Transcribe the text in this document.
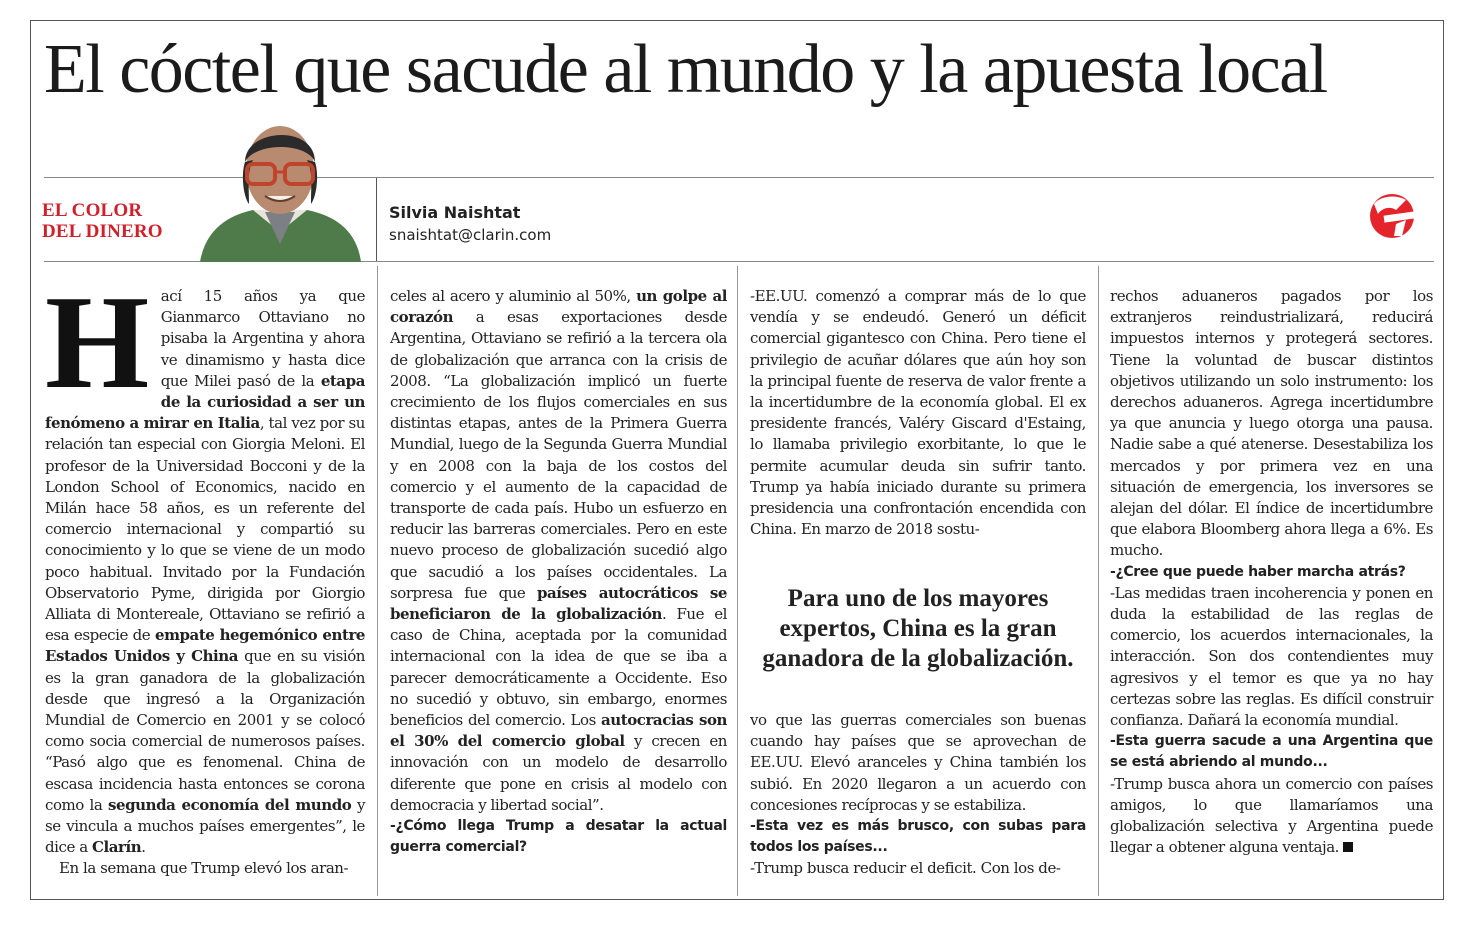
El cóctel que sacude al mundo y la apuesta local
EL COLOR
DEL DINERO
Silvia Naishtat
snaishtat@clarin.com

Hací 15 años ya que Gianmarco Ottaviano no pisaba la Argentina y ahora ve dinamismo y hasta dice que Milei pasó de la etapa de la curiosidad a ser un fenómeno a mirar en Italia, tal vez por su relación tan especial con Giorgia Meloni. El profesor de la Universidad Bocconi y de la London School of Economics, nacido en Milán hace 58 años, es un referente del comercio internacional y compartió su conocimiento y lo que se viene de un modo poco habitual. Invitado por la Fundación Observatorio Pyme, dirigida por Giorgio Alliata di Montereale, Ottaviano se refirió a esa especie de empate hegemónico entre Estados Unidos y China que en su visión es la gran ganadora de la globalización desde que ingresó a la Organización Mundial de Comercio en 2001 y se colocó como socia comercial de numerosos países. “Pasó algo que es fenomenal. China de escasa incidencia hasta entonces se corona como la segunda economía del mundo y se vincula a muchos países emergentes”, le dice a Clarín.

En la semana que Trump elevó los aran-

celes al acero y aluminio al 50%, un golpe al corazón a esas exportaciones desde Argentina, Ottaviano se refirió a la tercera ola de globalización que arranca con la crisis de 2008. “La globalización implicó un fuerte crecimiento de los flujos comerciales en sus distintas etapas, antes de la Primera Guerra Mundial, luego de la Segunda Guerra Mundial y en 2008 con la baja de los costos del comercio y el aumento de la capacidad de transporte de cada país. Hubo un esfuerzo en reducir las barreras comerciales. Pero en este nuevo proceso de globalización sucedió algo que sacudió a los países occidentales. La sorpresa fue que países autocráticos se beneficiaron de la globalización. Fue el caso de China, aceptada por la comunidad internacional con la idea de que se iba a parecer democráticamente a Occidente. Eso no sucedió y obtuvo, sin embargo, enormes beneficios del comercio. Los autocracias son el 30% del comercio global y crecen en innovación con un modelo de desarrollo diferente que pone en crisis al modelo con democracia y libertad social”.

-¿Cómo llega Trump a desatar la actual guerra comercial?

-EE.UU. comenzó a comprar más de lo que vendía y se endeudó. Generó un déficit comercial gigantesco con China. Pero tiene el privilegio de acuñar dólares que aún hoy son la principal fuente de reserva de valor frente a la incertidumbre de la economía global. El ex presidente francés, Valéry Giscard d'Estaing, lo llamaba privilegio exorbitante, lo que le permite acumular deuda sin sufrir tanto. Trump ya había iniciado durante su primera presidencia una confrontación encendida con China. En marzo de 2018 sostu-

Para uno de los mayores expertos, China es la gran ganadora de la globalización.

vo que las guerras comerciales son buenas cuando hay países que se aprovechan de EE.UU. Elevó aranceles y China también los subió. En 2020 llegaron a un acuerdo con concesiones recíprocas y se estabiliza.

-Esta vez es más brusco, con subas para todos los países...

-Trump busca reducir el deficit. Con los de-

rechos aduaneros pagados por los extranjeros reindustrializará, reducirá impuestos internos y protegerá sectores. Tiene la voluntad de buscar distintos objetivos utilizando un solo instrumento: los derechos aduaneros. Agrega incertidumbre ya que anuncia y luego otorga una pausa. Nadie sabe a qué atenerse. Desestabiliza los mercados y por primera vez en una situación de emergencia, los inversores se alejan del dólar. El índice de incertidumbre que elabora Bloomberg ahora llega a 6%. Es mucho.

-¿Cree que puede haber marcha atrás?

-Las medidas traen incoherencia y ponen en duda la estabilidad de las reglas de comercio, los acuerdos internacionales, la interacción. Son dos contendientes muy agresivos y el temor es que ya no hay certezas sobre las reglas. Es difícil construir confianza. Dañará la economía mundial.

-Esta guerra sacude a una Argentina que se está abriendo al mundo...

-Trump busca ahora un comercio con países amigos, lo que llamaríamos una globalización selectiva y Argentina puede llegar a obtener alguna ventaja.
